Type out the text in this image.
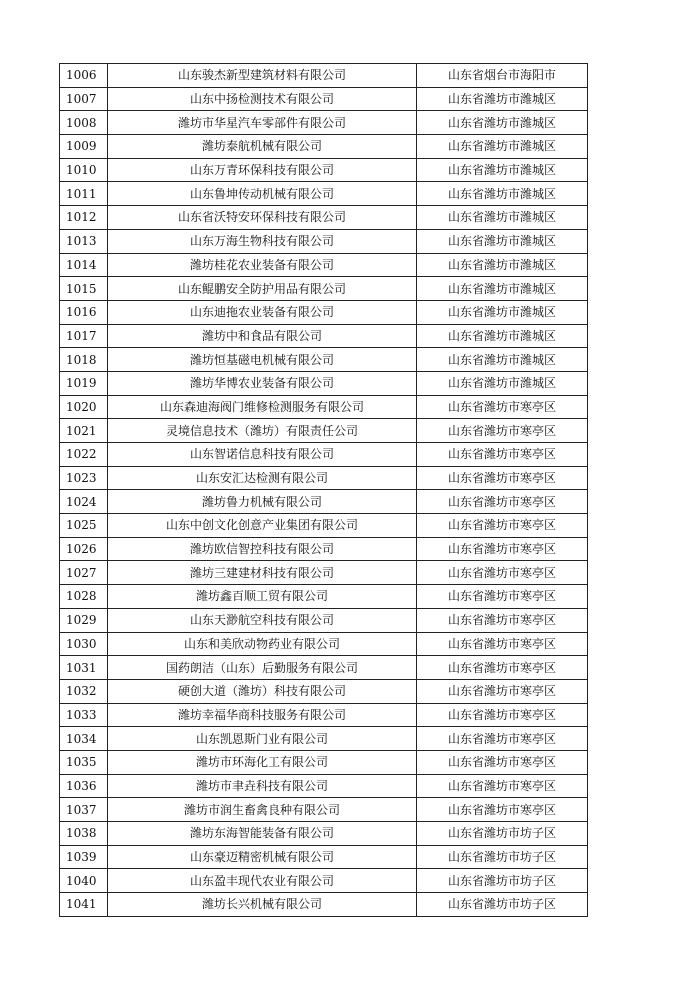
1006	山东骏杰新型建筑材料有限公司	山东省烟台市海阳市
1007	山东中扬检测技术有限公司	山东省潍坊市潍城区
1008	潍坊市华星汽车零部件有限公司	山东省潍坊市潍城区
1009	潍坊泰航机械有限公司	山东省潍坊市潍城区
1010	山东万青环保科技有限公司	山东省潍坊市潍城区
1011	山东鲁坤传动机械有限公司	山东省潍坊市潍城区
1012	山东省沃特安环保科技有限公司	山东省潍坊市潍城区
1013	山东万海生物科技有限公司	山东省潍坊市潍城区
1014	潍坊桂花农业装备有限公司	山东省潍坊市潍城区
1015	山东鲲鹏安全防护用品有限公司	山东省潍坊市潍城区
1016	山东迪拖农业装备有限公司	山东省潍坊市潍城区
1017	潍坊中和食品有限公司	山东省潍坊市潍城区
1018	潍坊恒基磁电机械有限公司	山东省潍坊市潍城区
1019	潍坊华博农业装备有限公司	山东省潍坊市潍城区
1020	山东森迪海阀门维修检测服务有限公司	山东省潍坊市寒亭区
1021	灵境信息技术（潍坊）有限责任公司	山东省潍坊市寒亭区
1022	山东智诺信息科技有限公司	山东省潍坊市寒亭区
1023	山东安汇达检测有限公司	山东省潍坊市寒亭区
1024	潍坊鲁力机械有限公司	山东省潍坊市寒亭区
1025	山东中创文化创意产业集团有限公司	山东省潍坊市寒亭区
1026	潍坊欧信智控科技有限公司	山东省潍坊市寒亭区
1027	潍坊三建建材科技有限公司	山东省潍坊市寒亭区
1028	潍坊鑫百顺工贸有限公司	山东省潍坊市寒亭区
1029	山东天渺航空科技有限公司	山东省潍坊市寒亭区
1030	山东和美欣动物药业有限公司	山东省潍坊市寒亭区
1031	国药朗洁（山东）后勤服务有限公司	山东省潍坊市寒亭区
1032	硬创大道（潍坊）科技有限公司	山东省潍坊市寒亭区
1033	潍坊幸福华商科技服务有限公司	山东省潍坊市寒亭区
1034	山东凯恩斯门业有限公司	山东省潍坊市寒亭区
1035	潍坊市环海化工有限公司	山东省潍坊市寒亭区
1036	潍坊市聿垚科技有限公司	山东省潍坊市寒亭区
1037	潍坊市润生畜禽良种有限公司	山东省潍坊市寒亭区
1038	潍坊东海智能装备有限公司	山东省潍坊市坊子区
1039	山东豪迈精密机械有限公司	山东省潍坊市坊子区
1040	山东盈丰现代农业有限公司	山东省潍坊市坊子区
1041	潍坊长兴机械有限公司	山东省潍坊市坊子区
